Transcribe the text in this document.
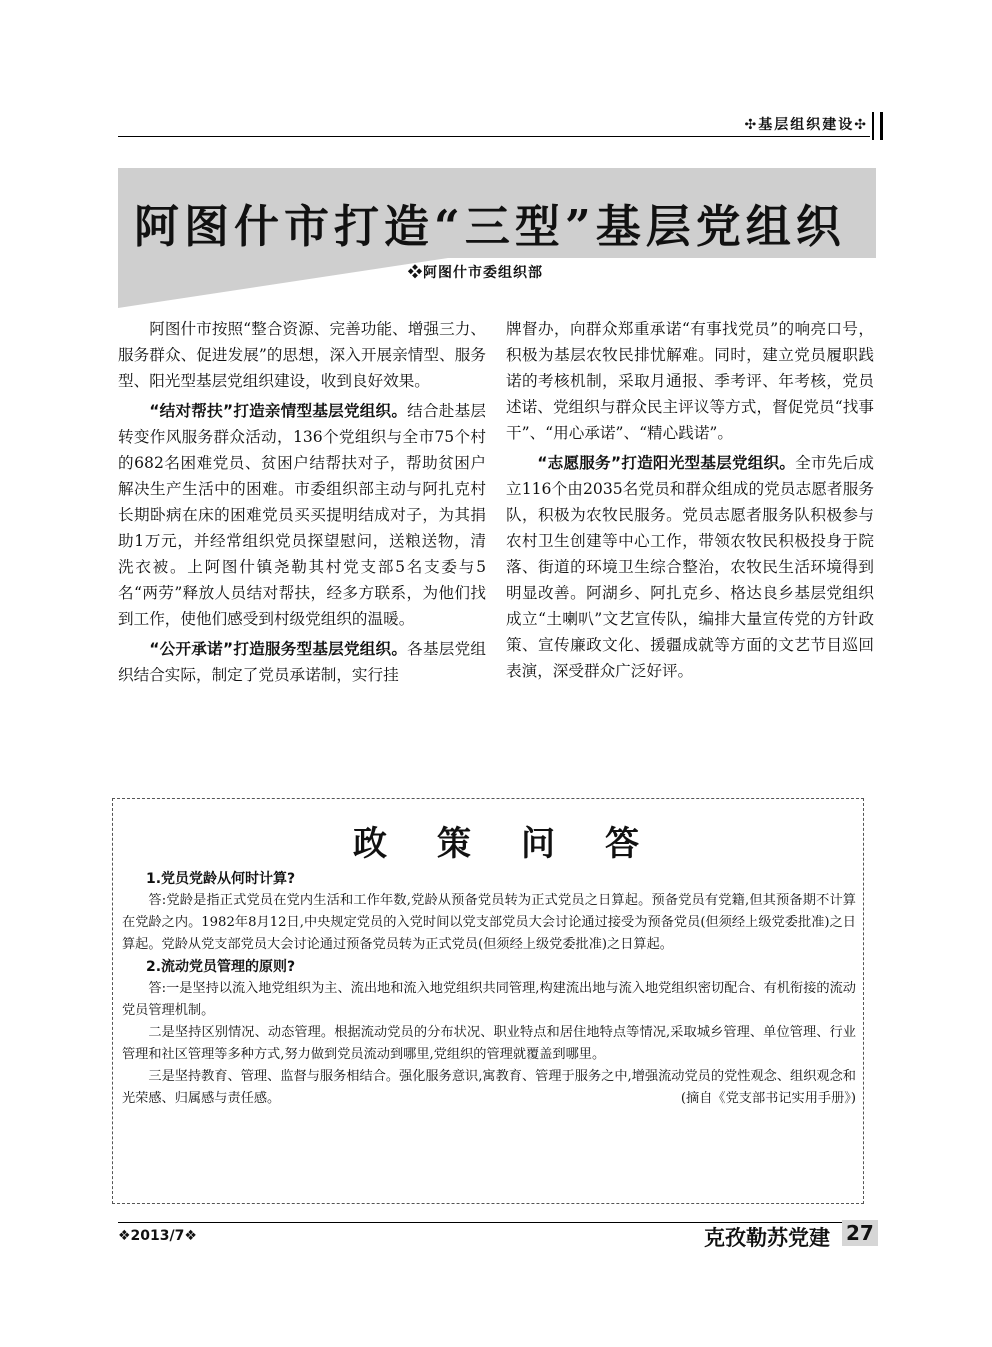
✣基层组织建设✣
阿图什市打造“三型”基层党组织
❖阿图什市委组织部

阿图什市按照“整合资源、完善功能、增强三力、服务群众、促进发展”的思想，深入开展亲情型、服务型、阳光型基层党组织建设，收到良好效果。

“结对帮扶”打造亲情型基层党组织。结合赴基层转变作风服务群众活动，136个党组织与全市75个村的682名困难党员、贫困户结帮扶对子，帮助贫困户解决生产生活中的困难。市委组织部主动与阿扎克村长期卧病在床的困难党员买买提明结成对子，为其捐助1万元，并经常组织党员探望慰问，送粮送物，清洗衣被。上阿图什镇尧勒其村党支部5名支委与5名“两劳”释放人员结对帮扶，经多方联系，为他们找到工作，使他们感受到村级党组织的温暖。

“公开承诺”打造服务型基层党组织。各基层党组织结合实际，制定了党员承诺制，实行挂

牌督办，向群众郑重承诺“有事找党员”的响亮口号，积极为基层农牧民排忧解难。同时，建立党员履职践诺的考核机制，采取月通报、季考评、年考核，党员述诺、党组织与群众民主评议等方式，督促党员“找事干”、“用心承诺”、“精心践诺”。

“志愿服务”打造阳光型基层党组织。全市先后成立116个由2035名党员和群众组成的党员志愿者服务队，积极为农牧民服务。党员志愿者服务队积极参与农村卫生创建等中心工作，带领农牧民积极投身于院落、街道的环境卫生综合整治，农牧民生活环境得到明显改善。阿湖乡、阿扎克乡、格达良乡基层党组织成立“土喇叭”文艺宣传队，编排大量宣传党的方针政策、宣传廉政文化、援疆成就等方面的文艺节目巡回表演，深受群众广泛好评。

政策问答
1.党员党龄从何时计算?

答:党龄是指正式党员在党内生活和工作年数,党龄从预备党员转为正式党员之日算起。预备党员有党籍,但其预备期不计算在党龄之内。1982年8月12日,中央规定党员的入党时间以党支部党员大会讨论通过接受为预备党员(但须经上级党委批准)之日算起。党龄从党支部党员大会讨论通过预备党员转为正式党员(但须经上级党委批准)之日算起。

2.流动党员管理的原则?

答:一是坚持以流入地党组织为主、流出地和流入地党组织共同管理,构建流出地与流入地党组织密切配合、有机衔接的流动党员管理机制。

二是坚持区别情况、动态管理。根据流动党员的分布状况、职业特点和居住地特点等情况,采取城乡管理、单位管理、行业管理和社区管理等多种方式,努力做到党员流动到哪里,党组织的管理就覆盖到哪里。

三是坚持教育、管理、监督与服务相结合。强化服务意识,寓教育、管理于服务之中,增强流动党员的党性观念、组织观念和光荣感、归属感与责任感。	(摘自《党支部书记实用手册》)

❖2013/7❖	克孜勒苏党建 27
